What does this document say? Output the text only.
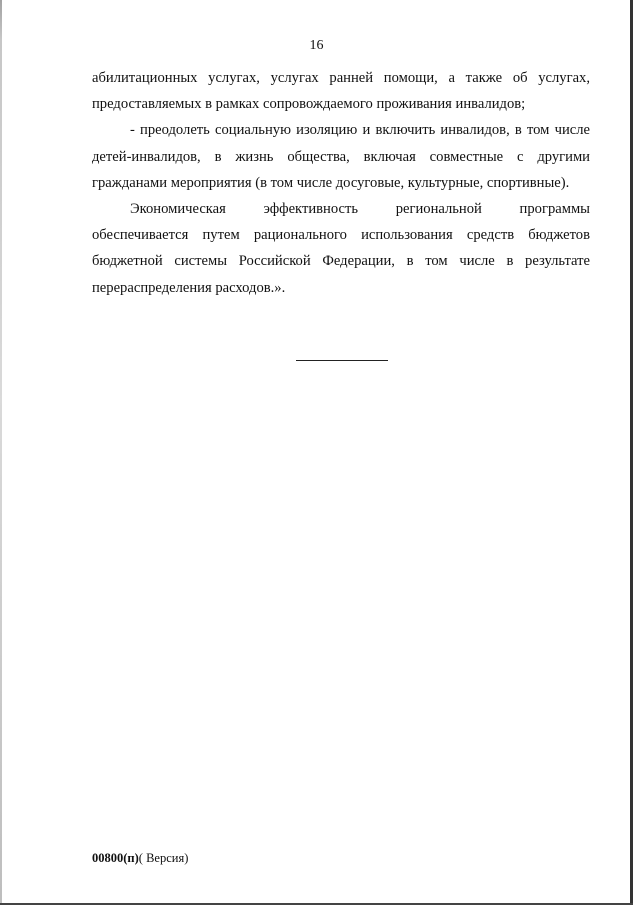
16

абилитационных услугах, услугах ранней помощи, а также об услугах,
предоставляемых в рамках сопровождаемого проживания инвалидов;

- преодолеть социальную изоляцию и включить инвалидов, в том числе
детей-инвалидов, в жизнь общества, включая совместные с другими
гражданами мероприятия (в том числе досуговые, культурные, спортивные).

Экономическая эффективность региональной программы
обеспечивается путем рационального использования средств бюджетов
бюджетной системы Российской Федерации, в том числе в результате
перераспределения расходов.».

00800(п)( Версия)
